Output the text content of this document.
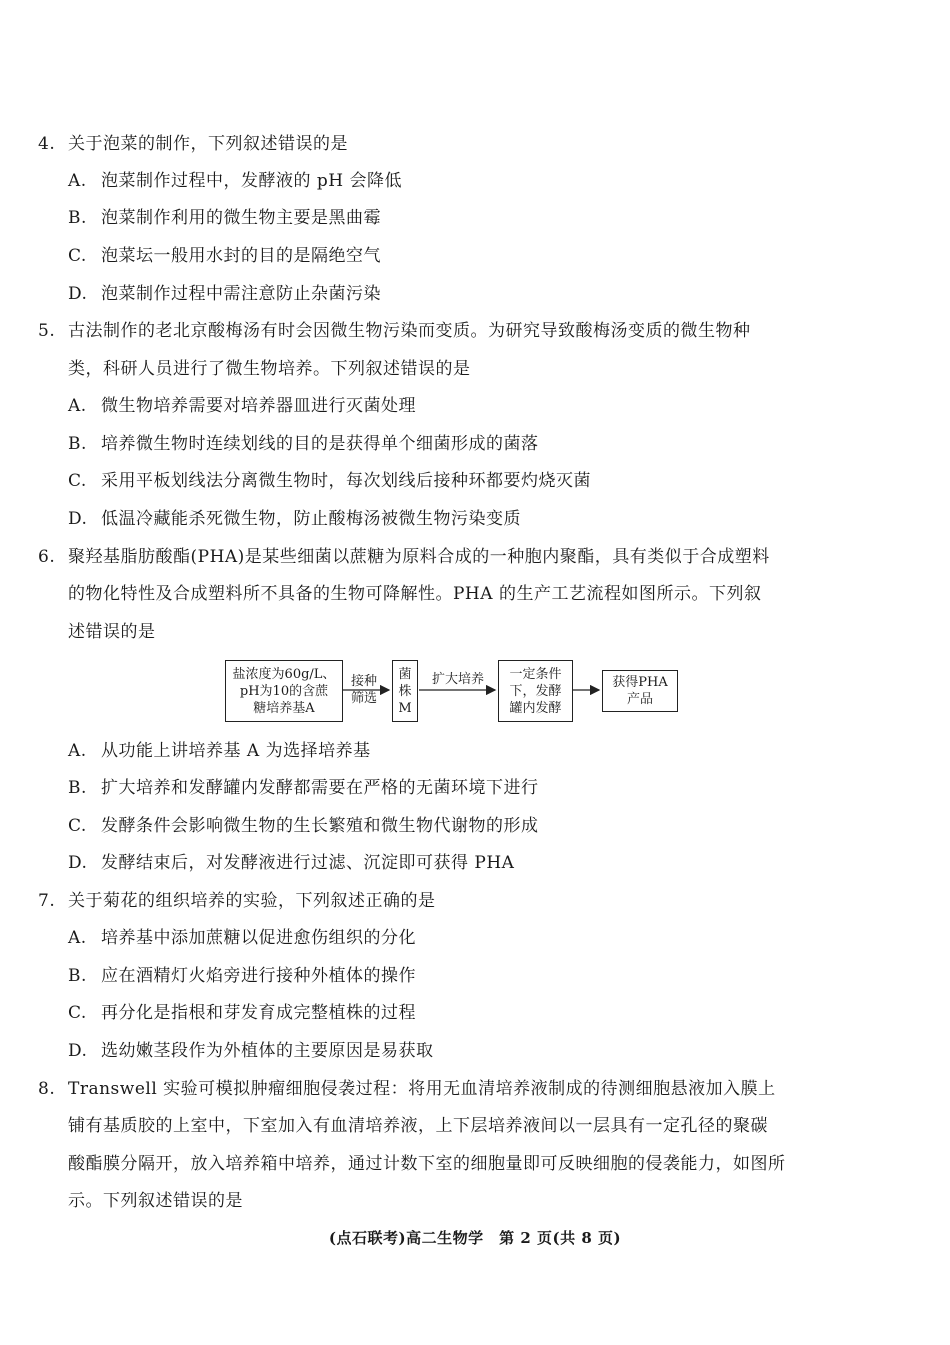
4. 关于泡菜的制作，下列叙述错误的是
A. 泡菜制作过程中，发酵液的 pH 会降低
B. 泡菜制作利用的微生物主要是黑曲霉
C. 泡菜坛一般用水封的目的是隔绝空气
D. 泡菜制作过程中需注意防止杂菌污染
5. 古法制作的老北京酸梅汤有时会因微生物污染而变质。为研究导致酸梅汤变质的微生物种
类，科研人员进行了微生物培养。下列叙述错误的是
A. 微生物培养需要对培养器皿进行灭菌处理
B. 培养微生物时连续划线的目的是获得单个细菌形成的菌落
C. 采用平板划线法分离微生物时，每次划线后接种环都要灼烧灭菌
D. 低温冷藏能杀死微生物，防止酸梅汤被微生物污染变质
6. 聚羟基脂肪酸酯(PHA)是某些细菌以蔗糖为原料合成的一种胞内聚酯，具有类似于合成塑料
的物化特性及合成塑料所不具备的生物可降解性。PHA 的生产工艺流程如图所示。下列叙
述错误的是
盐浓度为60g/L、
pH为10的含蔗
糖培养基A
接种
筛选
菌
株
M
扩大培养	一定条件
下，发酵
罐内发酵
获得PHA
产品
A. 从功能上讲培养基 A 为选择培养基
B. 扩大培养和发酵罐内发酵都需要在严格的无菌环境下进行
C. 发酵条件会影响微生物的生长繁殖和微生物代谢物的形成
D. 发酵结束后，对发酵液进行过滤、沉淀即可获得 PHA
7. 关于菊花的组织培养的实验，下列叙述正确的是
A. 培养基中添加蔗糖以促进愈伤组织的分化
B. 应在酒精灯火焰旁进行接种外植体的操作
C. 再分化是指根和芽发育成完整植株的过程
D. 选幼嫩茎段作为外植体的主要原因是易获取
8. Transwell 实验可模拟肿瘤细胞侵袭过程：将用无血清培养液制成的待测细胞悬液加入膜上
铺有基质胶的上室中，下室加入有血清培养液，上下层培养液间以一层具有一定孔径的聚碳
酸酯膜分隔开，放入培养箱中培养，通过计数下室的细胞量即可反映细胞的侵袭能力，如图所
示。下列叙述错误的是
(点石联考)高二生物学　第 2 页(共 8 页)
